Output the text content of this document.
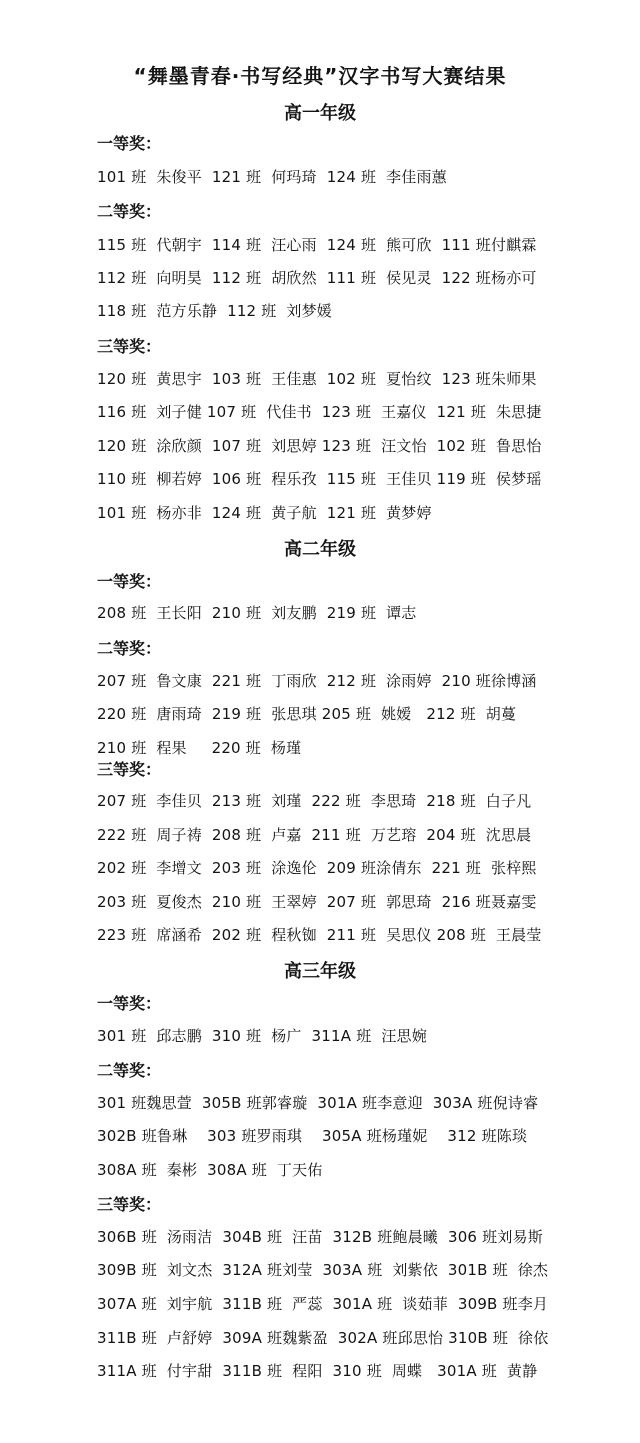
“舞墨青春·书写经典”汉字书写大赛结果
高一年级
一等奖：
101 班  朱俊平  121 班  何玛琦  124 班  李佳雨蕙
二等奖：
115 班  代朝宇  114 班  汪心雨  124 班  熊可欣  111 班付麒霖
112 班  向明昊  112 班  胡欣然  111 班  侯见灵  122 班杨亦可
118 班  范方乐静  112 班  刘梦媛
三等奖：
120 班  黄思宇  103 班  王佳惠  102 班  夏怡纹  123 班朱师果
116 班  刘子健 107 班  代佳书  123 班  王嘉仪  121 班  朱思捷
120 班  涂欣颜  107 班  刘思婷 123 班  汪文怡  102 班  鲁思怡
110 班  柳若婷  106 班  程乐孜  115 班  王佳贝 119 班  侯梦瑶
101 班  杨亦非  124 班  黄子航  121 班  黄梦婷
高二年级
一等奖：
208 班  王长阳  210 班  刘友鹏  219 班  谭志
二等奖：
207 班  鲁文康  221 班  丁雨欣  212 班  涂雨婷  210 班徐博涵
220 班  唐雨琦  219 班  张思琪 205 班  姚嫒   212 班  胡蔓
210 班  程果     220 班  杨瑾
三等奖：
207 班  李佳贝  213 班  刘瑾  222 班  李思琦  218 班  白子凡
222 班  周子祷  208 班  卢嘉  211 班  万艺瑢  204 班  沈思晨
202 班  李增文  203 班  涂逸伦  209 班涂倩东  221 班  张梓熙
203 班  夏俊杰  210 班  王翠婷  207 班  郭思琦  216 班聂嘉雯
223 班  席涵希  202 班  程秋铷  211 班  吴思仪 208 班  王晨莹
高三年级
一等奖：
301 班  邱志鹏  310 班  杨广  311A 班  汪思婉
二等奖：
301 班魏思萱  305B 班郭睿璇  301A 班李意迎  303A 班倪诗睿
302B 班鲁琳    303 班罗雨琪    305A 班杨瑾妮    312 班陈琰
308A 班  秦彬  308A 班  丁天佑
三等奖：
306B 班  汤雨洁  304B 班  汪苗  312B 班鲍晨曦  306 班刘易斯
309B 班  刘文杰  312A 班刘莹  303A 班  刘紫依  301B 班  徐杰
307A 班  刘宇航  311B 班  严蕊  301A 班  谈茹菲  309B 班李月
311B 班  卢舒婷  309A 班魏紫盈  302A 班邱思怡 310B 班  徐依
311A 班  付宇甜  311B 班  程阳  310 班  周蝶   301A 班  黄静
